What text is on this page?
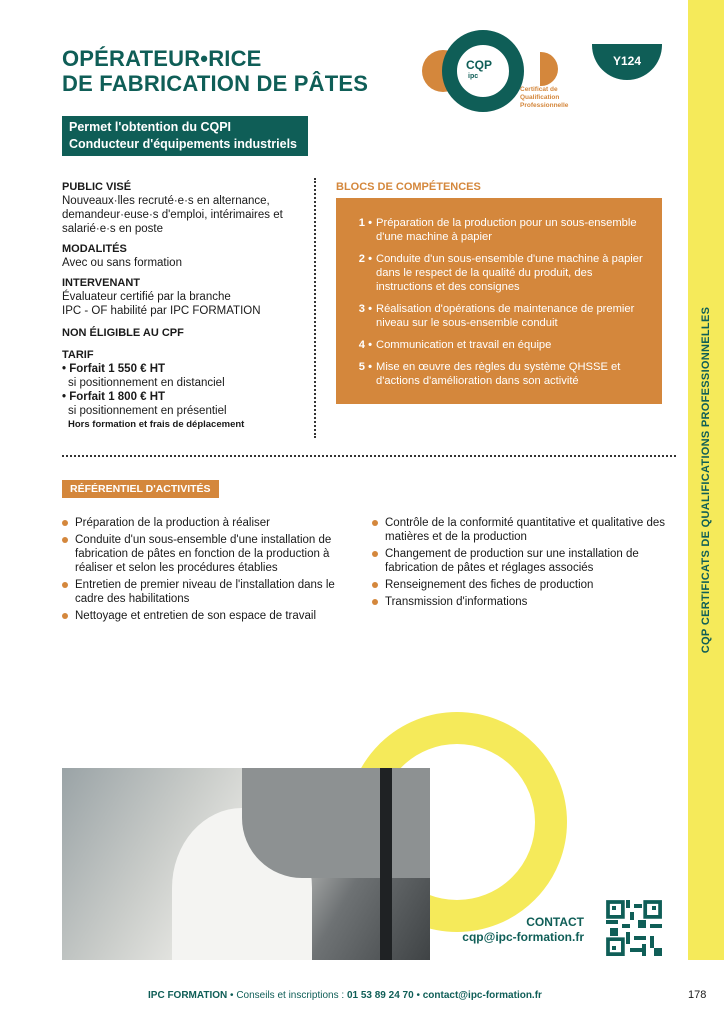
CQP CERTIFICATS DE QUALIFICATIONS PROFESSIONNELLES
OPÉRATEUR•RICE
DE FABRICATION DE PÂTES
CQP
ipc
Certificat de
Qualification
Professionnelle
Y124
Permet l'obtention du CQPI
Conducteur d'équipements industriels
PUBLIC VISÉ
Nouveaux·lles recruté·e·s en alternance, demandeur·euse·s d'emploi, intérimaires et salarié·e·s en poste
MODALITÉS
Avec ou sans formation
INTERVENANT
Évaluateur certifié par la branche
IPC - OF habilité par IPC FORMATION
NON ÉLIGIBLE AU CPF
TARIF
• Forfait 1 550 € HT
si positionnement en distanciel
• Forfait 1 800 € HT
si positionnement en présentiel
Hors formation et frais de déplacement
BLOCS DE COMPÉTENCES
1 • Préparation de la production pour un sous-ensemble d'une machine à papier
2 • Conduite d'un sous-ensemble d'une machine à papier dans le respect de la qualité du produit, des instructions et des consignes
3 • Réalisation d'opérations de maintenance de premier niveau sur le sous-ensemble conduit
4 • Communication et travail en équipe
5 • Mise en œuvre des règles du système QHSSE et d'actions d'amélioration dans son activité
RÉFÉRENTIEL D'ACTIVITÉS
Préparation de la production à réaliser
Conduite d'un sous-ensemble d'une installation de fabrication de pâtes en fonction de la production à réaliser et selon les procédures établies
Entretien de premier niveau de l'installation dans le cadre des habilitations
Nettoyage et entretien de son espace de travail
Contrôle de la conformité quantitative et qualitative des matières et de la production
Changement de production sur une installation de fabrication de pâtes et réglages associés
Renseignement des fiches de production
Transmission d'informations
CONTACT
cqp@ipc-formation.fr
IPC FORMATION • Conseils et inscriptions : 01 53 89 24 70 • contact@ipc-formation.fr	178
